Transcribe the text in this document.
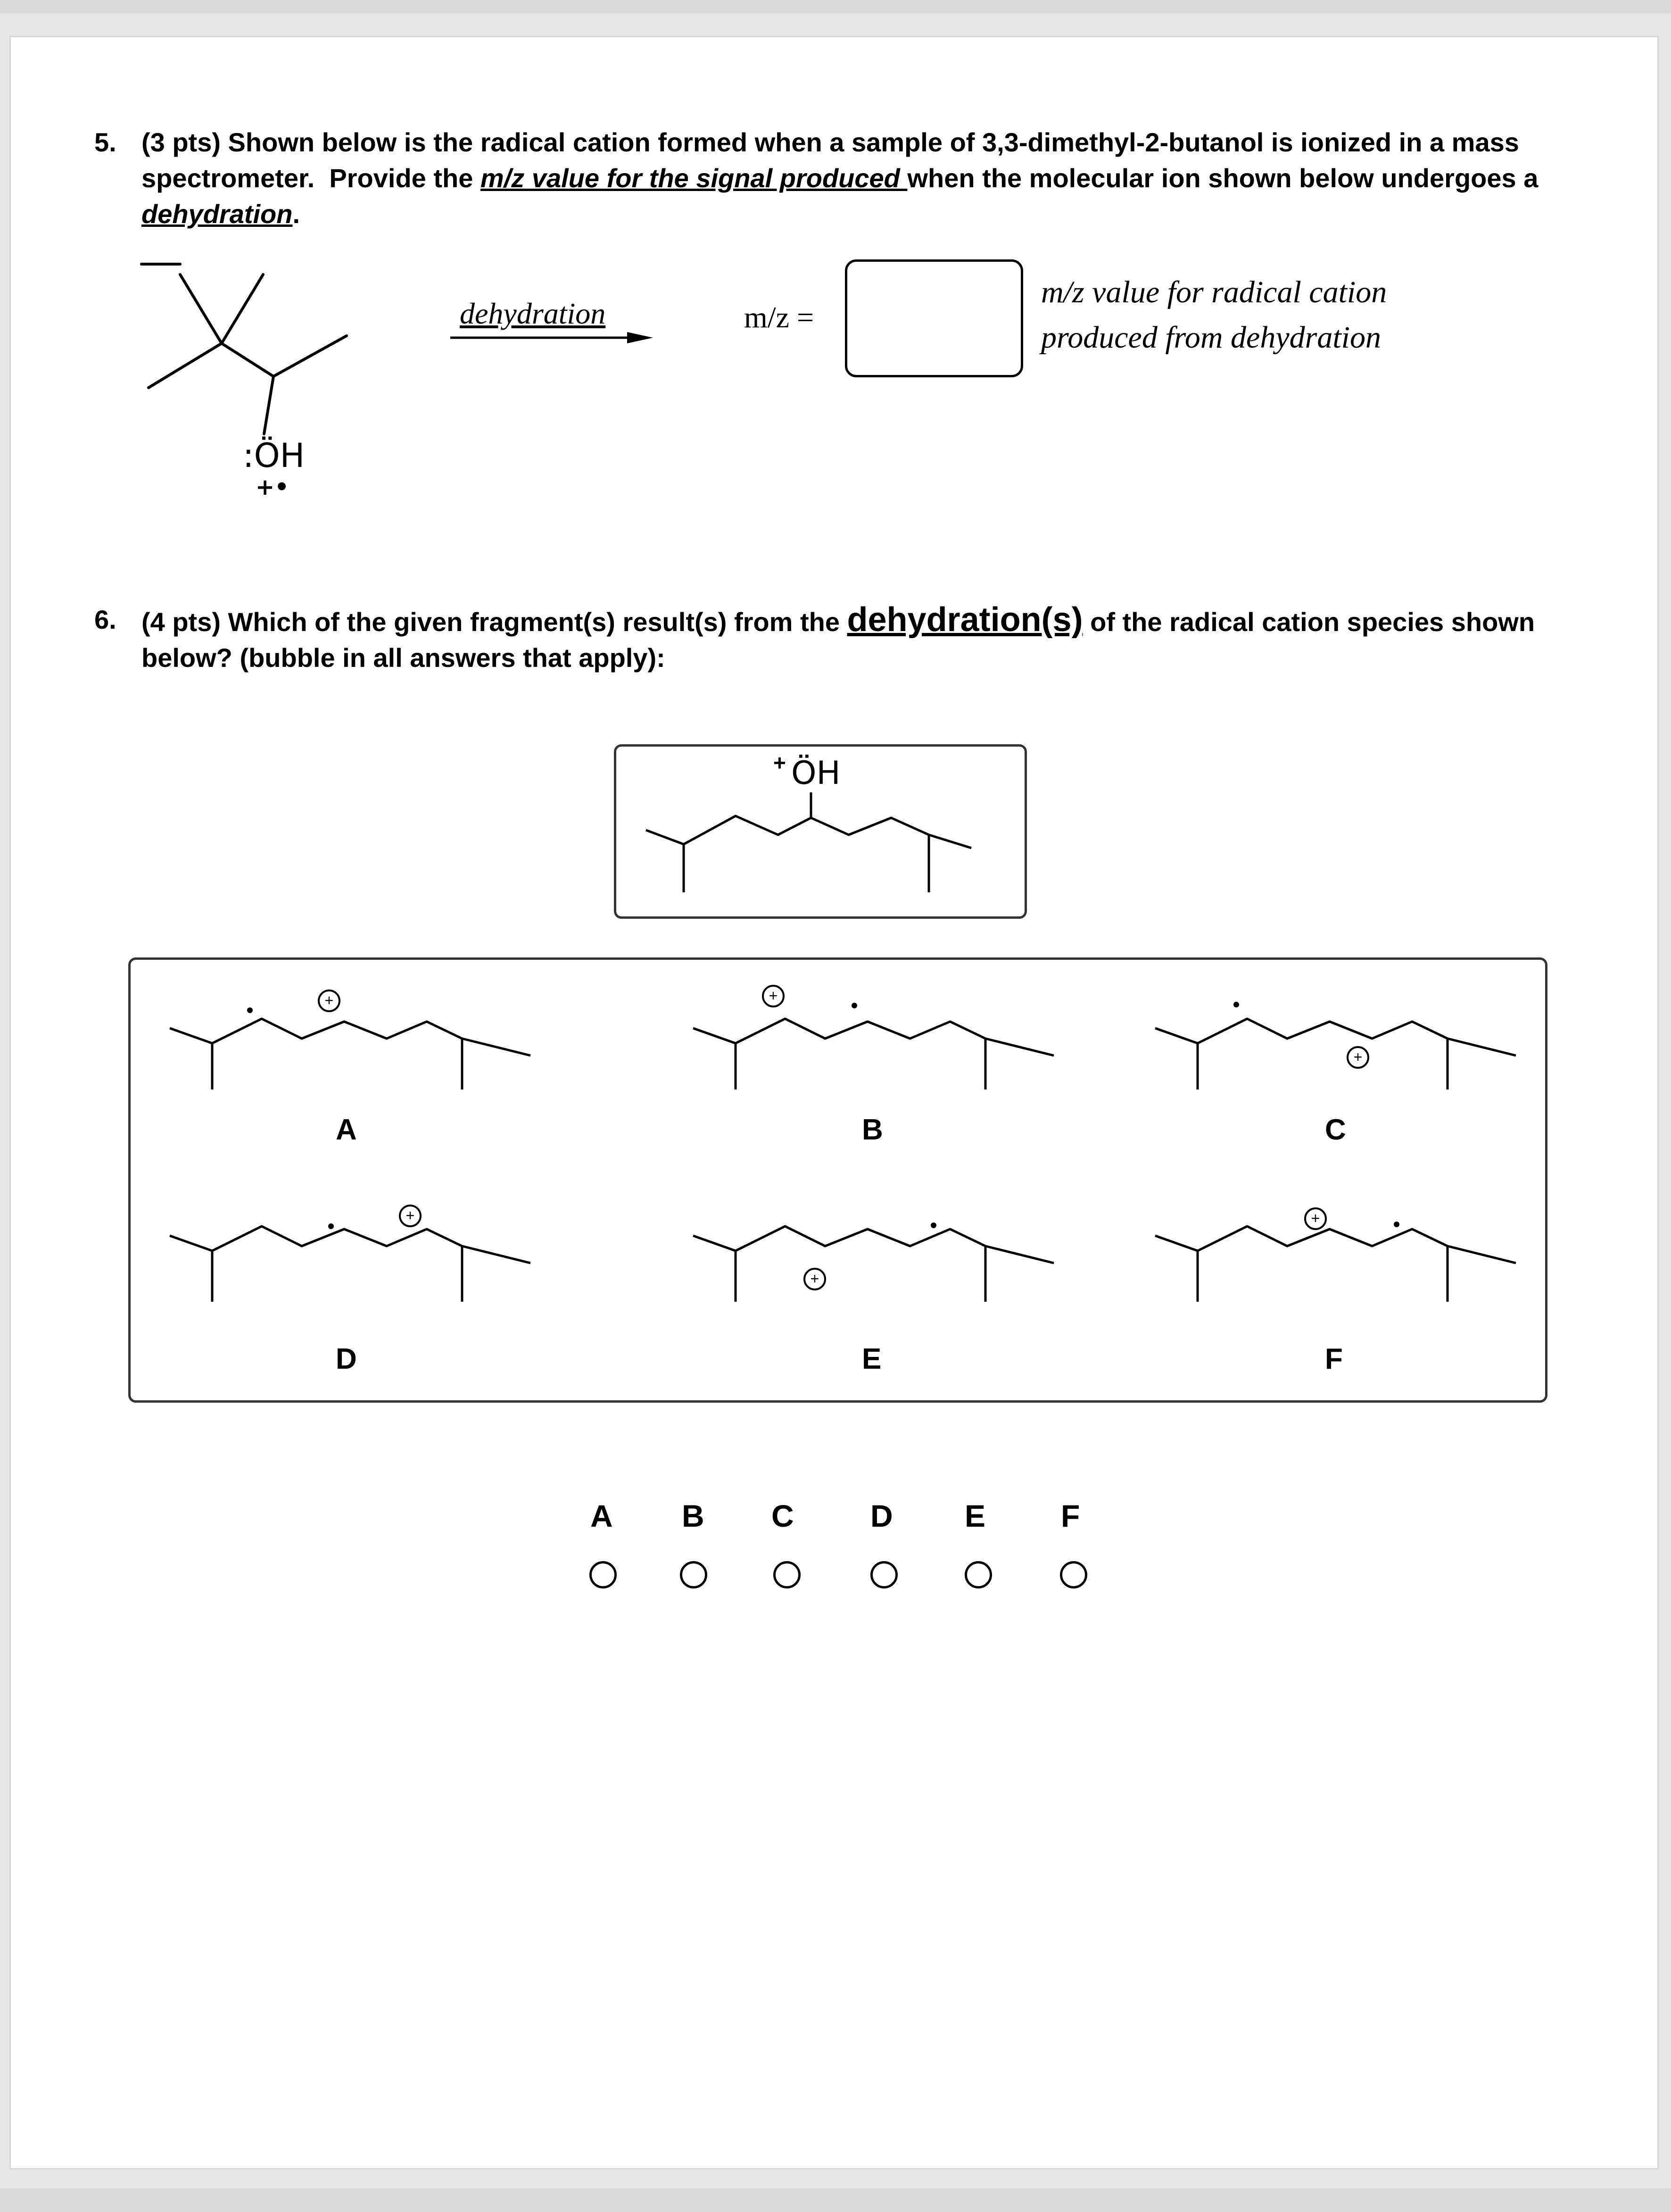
5. (3 pts) Shown below is the radical cation formed when a sample of 3,3-dimethyl-2-butanol is ionized in a mass
spectrometer.  Provide the m/z value for the signal produced when the molecular ion shown below undergoes a
dehydration.
:ÖH
+•
dehydration	m/z =
m/z value for radical cation
produced from dehydration
6. (4 pts) Which of the given fragment(s) result(s) from the dehydration(s) of the radical cation species shown
below? (bubble in all answers that apply):
+ ÖH
+	+
+
A	B	C
+
+
+
D	E	F
A B C D E F
